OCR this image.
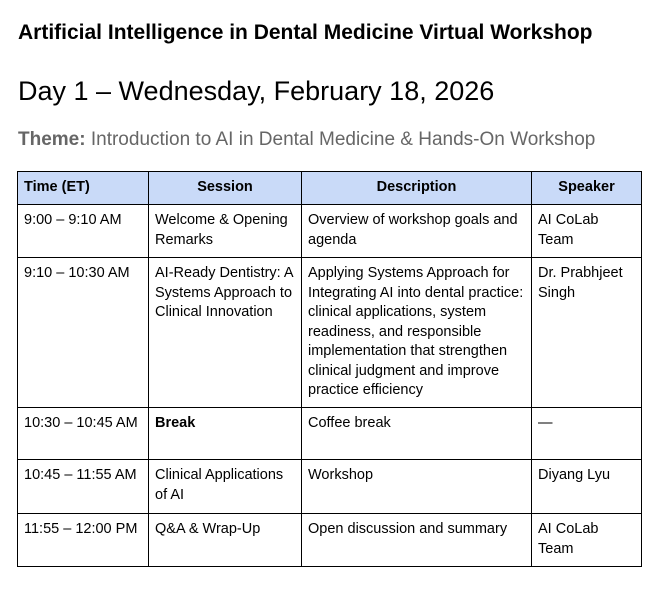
Artificial Intelligence in Dental Medicine Virtual Workshop
Day 1 – Wednesday, February 18, 2026

Theme: Introduction to AI in Dental Medicine & Hands-On Workshop

Time (ET)	Session	Description	Speaker
9:00 – 9:10 AM	Welcome & Opening Remarks	Overview of workshop goals and agenda	AI CoLab Team
9:10 – 10:30 AM	AI-Ready Dentistry: A Systems Approach to Clinical Innovation	Applying Systems Approach for Integrating AI into dental practice: clinical applications, system readiness, and responsible implementation that strengthen clinical judgment and improve practice efficiency	Dr. Prabhjeet Singh
10:30 – 10:45 AM	Break	Coffee break	—
10:45 – 11:55 AM	Clinical Applications of AI	Workshop	Diyang Lyu
11:55 – 12:00 PM	Q&A & Wrap-Up	Open discussion and summary	AI CoLab Team
